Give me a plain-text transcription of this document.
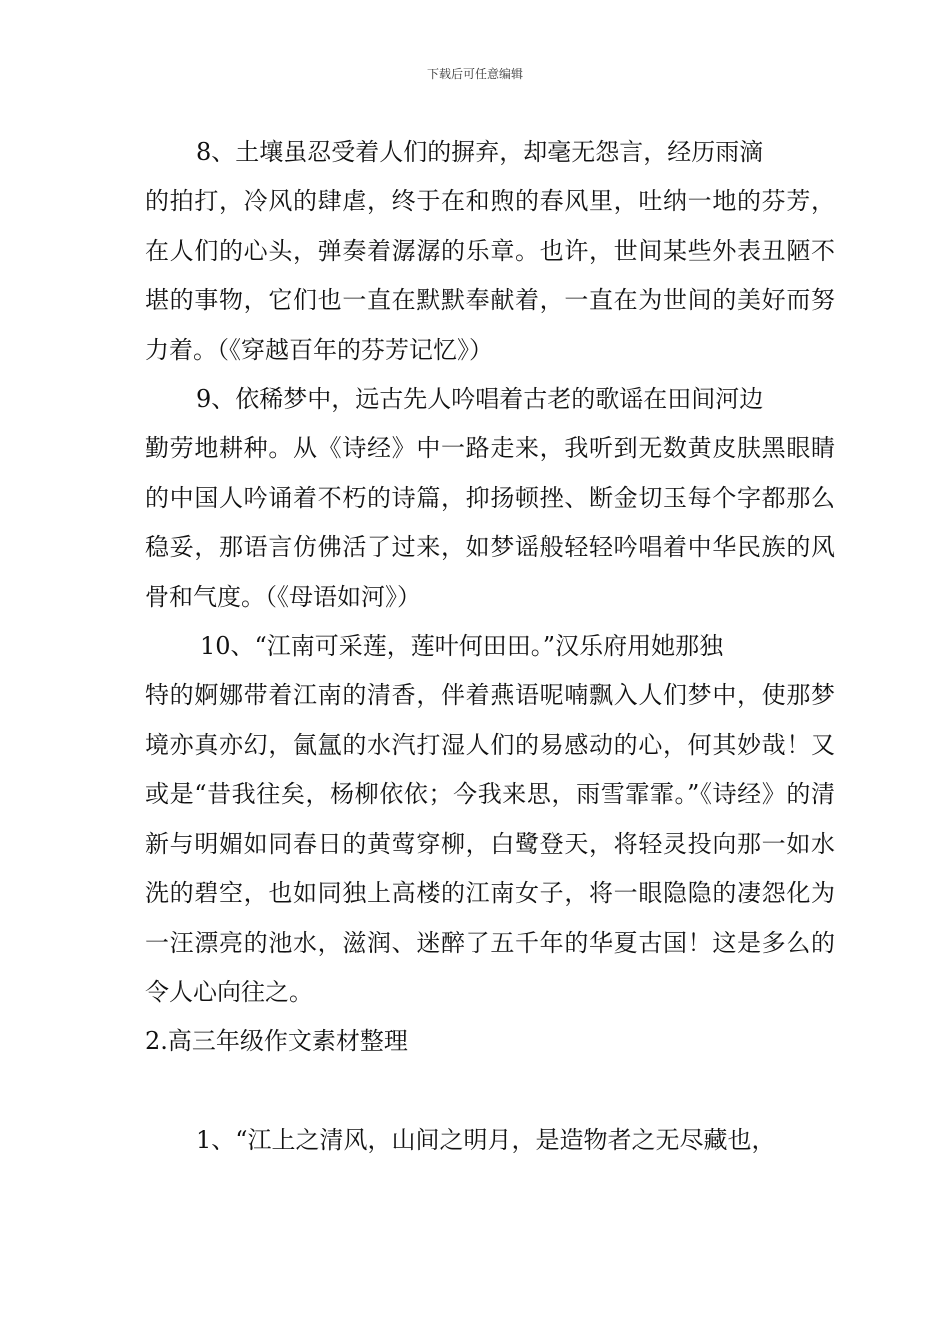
下载后可任意编辑

8、土壤虽忍受着人们的摒弃，却毫无怨言，经历雨滴
的拍打，冷风的肆虐，终于在和煦的春风里，吐纳一地的芬芳，在人们的心头，弹奏着潺潺的乐章。也许，世间某些外表丑陋不堪的事物，它们也一直在默默奉献着，一直在为世间的美好而努力着。（《穿越百年的芬芳记忆》）

9、依稀梦中，远古先人吟唱着古老的歌谣在田间河边
勤劳地耕种。从《诗经》中一路走来，我听到无数黄皮肤黑眼睛的中国人吟诵着不朽的诗篇，抑扬顿挫、断金切玉每个字都那么稳妥，那语言仿佛活了过来，如梦谣般轻轻吟唱着中华民族的风骨和气度。（《母语如河》）

10、“江南可采莲，莲叶何田田。”汉乐府用她那独
特的婀娜带着江南的清香，伴着燕语呢喃飘入人们梦中，使那梦境亦真亦幻，氤氲的水汽打湿人们的易感动的心，何其妙哉！又或是“昔我往矣，杨柳依依；今我来思，雨雪霏霏。”《诗经》的清新与明媚如同春日的黄莺穿柳，白鹭登天，将轻灵投向那一如水洗的碧空，也如同独上高楼的江南女子，将一眼隐隐的凄怨化为一汪漂亮的池水，滋润、迷醉了五千年的华夏古国！这是多么的令人心向往之。

2.高三年级作文素材整理

1、“江上之清风，山间之明月，是造物者之无尽藏也，
